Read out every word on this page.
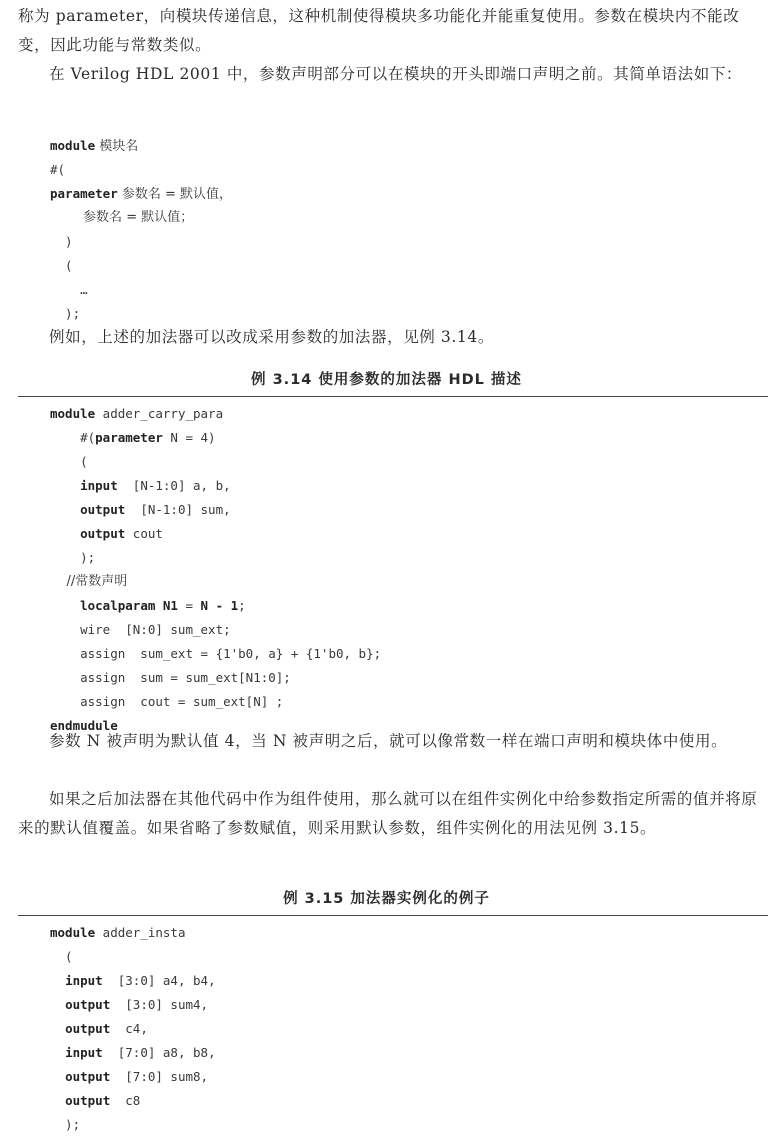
称为 parameter，向模块传递信息，这种机制使得模块多功能化并能重复使用。参数在模块内不能改变，因此功能与常数类似。

在 Verilog HDL 2001 中，参数声明部分可以在模块的开头即端口声明之前。其简单语法如下：

module 模块名
#(
parameter 参数名 = 默认值，
参数名 = 默认值；
)
(
…
);

例如，上述的加法器可以改成采用参数的加法器，见例 3.14。

例 3.14 使用参数的加法器 HDL 描述
module adder_carry_para
#(parameter N = 4)
(
input  [N-1:0] a, b,
output  [N-1:0] sum,
output cout
);
//常数声明
localparam N1 = N - 1;
wire  [N:0] sum_ext;
assign  sum_ext = {1'b0, a} + {1'b0, b};
assign  sum = sum_ext[N1:0];
assign  cout = sum_ext[N] ;
endmudule

参数 N 被声明为默认值 4，当 N 被声明之后，就可以像常数一样在端口声明和模块体中使用。

如果之后加法器在其他代码中作为组件使用，那么就可以在组件实例化中给参数指定所需的值并将原来的默认值覆盖。如果省略了参数赋值，则采用默认参数，组件实例化的用法见例 3.15。

例 3.15 加法器实例化的例子
module adder_insta
(
input  [3:0] a4, b4,
output  [3:0] sum4,
output  c4,
input  [7:0] a8, b8,
output  [7:0] sum8,
output  c8
);
